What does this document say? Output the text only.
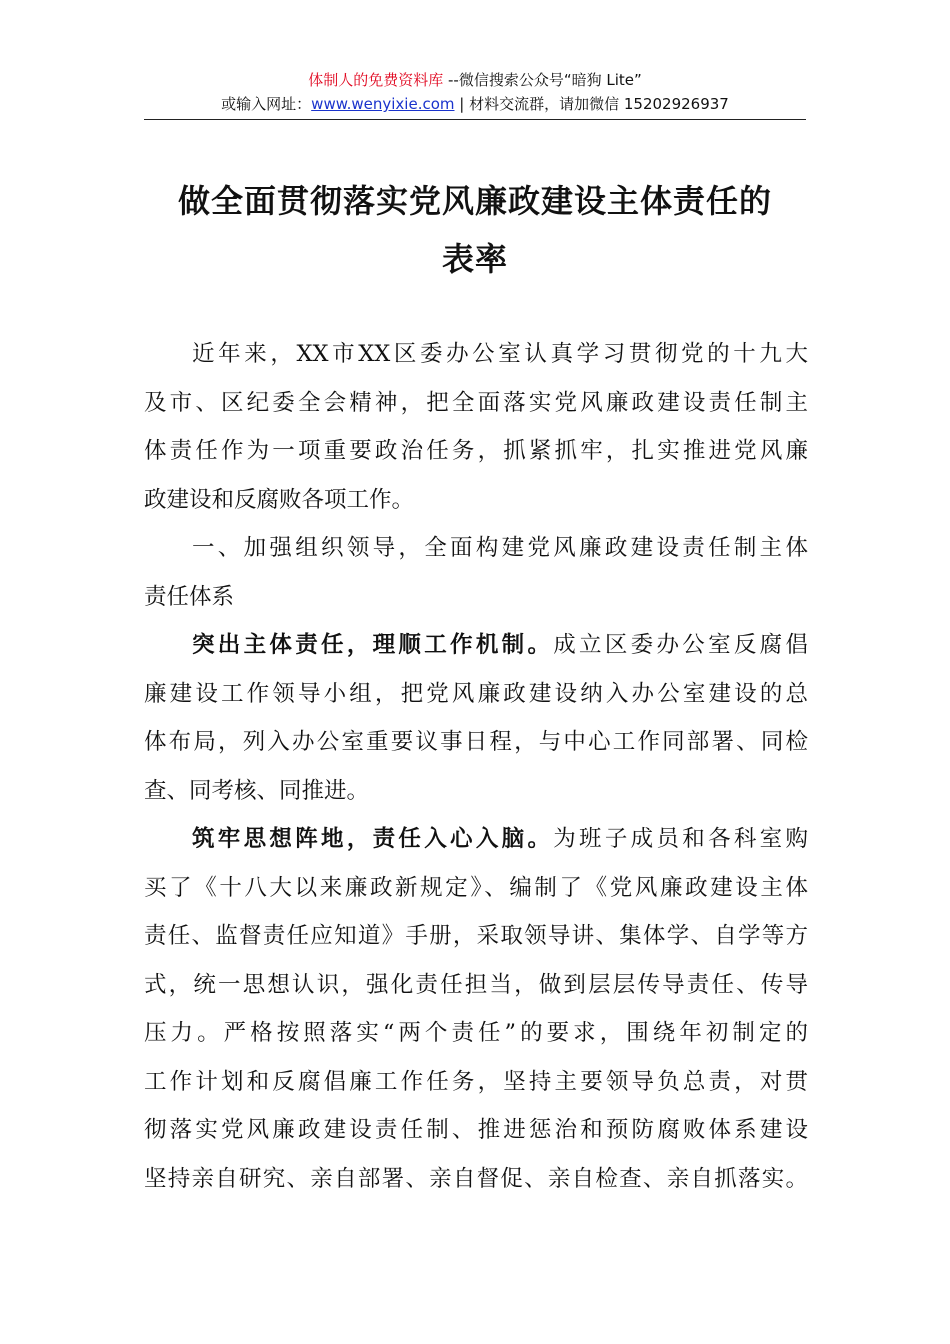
体制人的免费资料库 --微信搜索公众号“暗狗 Lite”
或输入网址：www.wenyixie.com | 材料交流群，请加微信 15202926937
做全面贯彻落实党风廉政建设主体责任的
表率
近年来，XX市XX区委办公室认真学习贯彻党的十九大
及市、区纪委全会精神，把全面落实党风廉政建设责任制主
体责任作为一项重要政治任务，抓紧抓牢，扎实推进党风廉
政建设和反腐败各项工作。
一、加强组织领导，全面构建党风廉政建设责任制主体
责任体系
突出主体责任，理顺工作机制。成立区委办公室反腐倡
廉建设工作领导小组，把党风廉政建设纳入办公室建设的总
体布局，列入办公室重要议事日程，与中心工作同部署、同检
查、同考核、同推进。
筑牢思想阵地，责任入心入脑。为班子成员和各科室购
买了《十八大以来廉政新规定》、编制了《党风廉政建设主体
责任、监督责任应知道》手册，采取领导讲、集体学、自学等方
式，统一思想认识，强化责任担当，做到层层传导责任、传导
压力。严格按照落实“两个责任”的要求，围绕年初制定的
工作计划和反腐倡廉工作任务，坚持主要领导负总责，对贯
彻落实党风廉政建设责任制、推进惩治和预防腐败体系建设
坚持亲自研究、亲自部署、亲自督促、亲自检查、亲自抓落实。
